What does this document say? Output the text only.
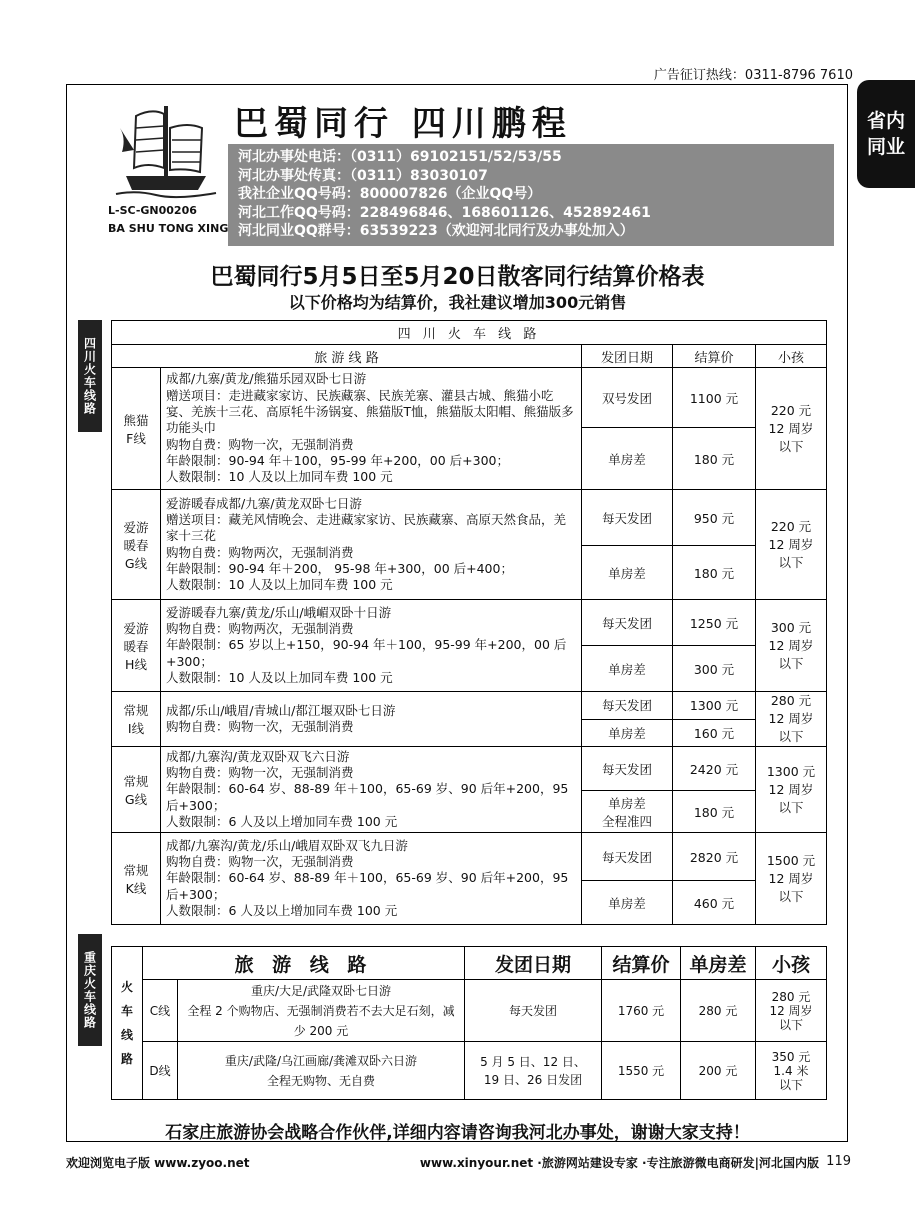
广告征订热线：0311-8796 7610
省内
同业
L-SC-GN00206
BA SHU TONG XING
巴蜀同行 四川鹏程
河北办事处电话：（0311）69102151/52/53/55
河北办事处传真：（0311）83030107
我社企业QQ号码：800007826（企业QQ号）
河北工作QQ号码：228496846、168601126、452892461
河北同业QQ群号：63539223（欢迎河北同行及办事处加入）
巴蜀同行5月5日至5月20日散客同行结算价格表
以下价格均为结算价，我社建议增加300元销售
四川火车线路
四 川 火 车 线 路				
旅 游 线 路		发团日期	结算价	小孩
熊猫
F线	成都/九寨/黄龙/熊猫乐园双卧七日游
赠送项目：走进藏家家访、民族藏寨、民族羌寨、灌县古城、熊猫小吃宴、羌族十三花、高原牦牛汤锅宴、熊猫版T恤，熊猫版太阳帽、熊猫版多功能头巾
购物自费：购物一次，无强制消费
年龄限制：90-94 年＋100，95-99 年+200，00 后+300；
人数限制：10 人及以上加同车费 100 元	双号发团	1100 元	220 元
12 周岁
以下
		单房差	180 元	
爱游
暖春
G线	爱游暖春成都/九寨/黄龙双卧七日游
赠送项目：藏羌风情晚会、走进藏家家访、民族藏寨、高原天然食品，羌家十三花
购物自费：购物两次，无强制消费
年龄限制：90-94 年＋200， 95-98 年+300，00 后+400；
人数限制：10 人及以上加同车费 100 元	每天发团	950 元	220 元
12 周岁
以下
		单房差	180 元	
爱游
暖春
H线	爱游暖春九寨/黄龙/乐山/峨嵋双卧十日游
购物自费：购物两次，无强制消费
年龄限制：65 岁以上+150，90-94 年＋100，95-99 年+200，00 后+300；
人数限制：10 人及以上加同车费 100 元	每天发团	1250 元	300 元
12 周岁
以下
		单房差	300 元	
常规
I线	成都/乐山/峨眉/青城山/都江堰双卧七日游
购物自费：购物一次，无强制消费	每天发团	1300 元	280 元
12 周岁
以下
		单房差	160 元	
常规
G线	成都/九寨沟/黄龙双卧双飞六日游
购物自费：购物一次，无强制消费
年龄限制：60-64 岁、88-89 年＋100，65-69 岁、90 后年+200，95 后+300；
人数限制：6 人及以上增加同车费 100 元	每天发团	2420 元	1300 元
12 周岁
以下
		单房差
全程准四	180 元	
常规
K线	成都/九寨沟/黄龙/乐山/峨眉双卧双飞九日游
购物自费：购物一次，无强制消费
年龄限制：60-64 岁、88-89 年＋100，65-69 岁、90 后年+200，95 后+300；
人数限制：6 人及以上增加同车费 100 元	每天发团	2820 元	1500 元
12 周岁
以下
		单房差	460 元	
重庆火车线路	火
车
线
路	旅 游 线 路		发团日期	结算价	单房差	小孩
	C线	重庆/大足/武隆双卧七日游
全程 2 个购物店、无强制消费若不去大足石刻，减少 200 元	每天发团	1760 元	280 元	280 元
12 周岁
以下
	D线	重庆/武隆/乌江画廊/龚滩双卧六日游
全程无购物、无自费	5 月 5 日、12 日、
19 日、26 日发团	1550 元	200 元	350 元
1.4 米
以下
石家庄旅游协会战略合作伙伴,详细内容请咨询我河北办事处，谢谢大家支持！
欢迎浏览电子版 www.zyoo.net	www.xinyour.net ·旅游网站建设专家 ·专注旅游微电商研发|河北国内版 119
